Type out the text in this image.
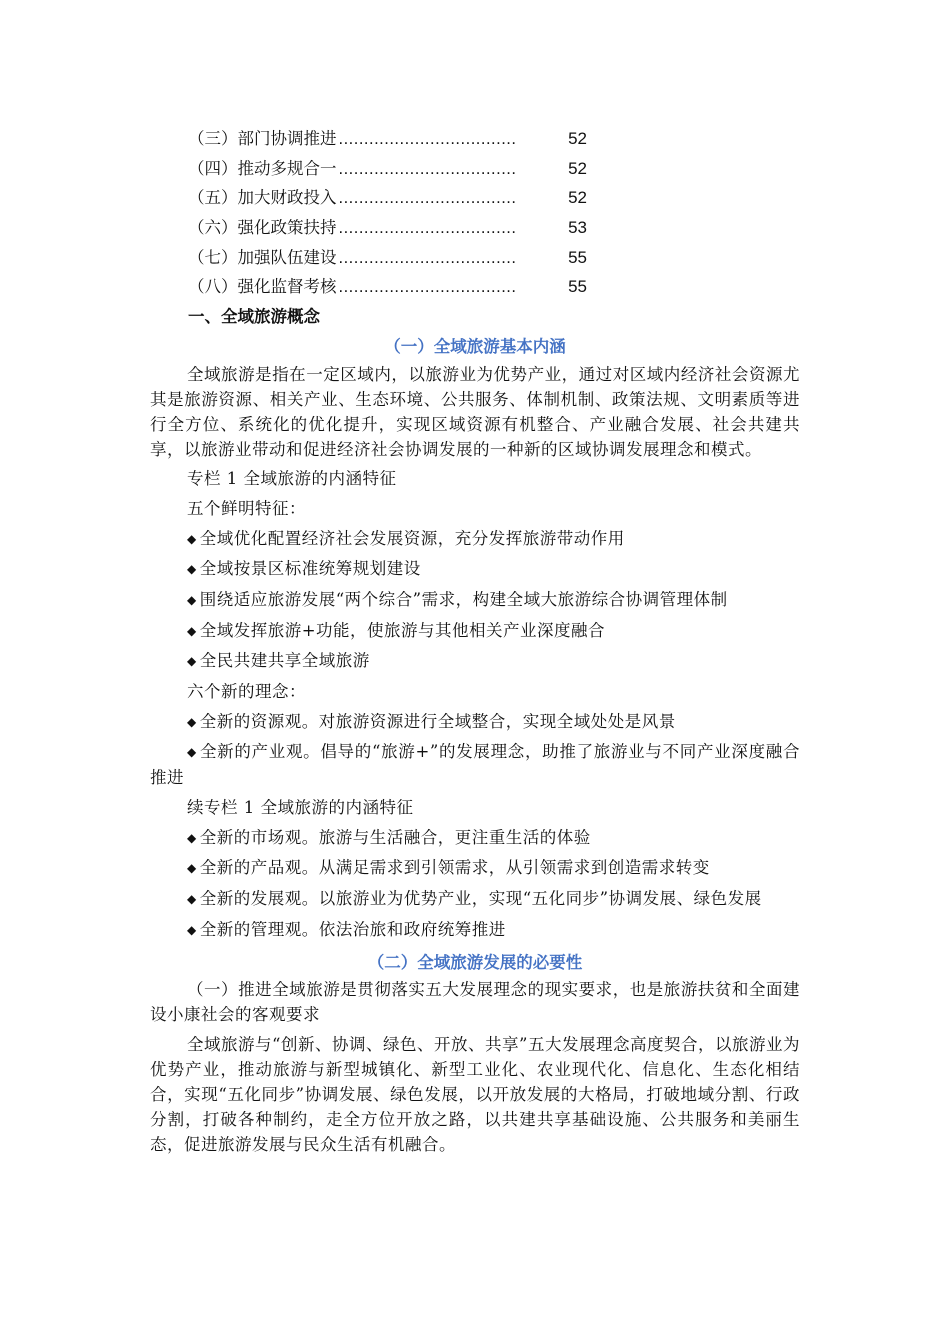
（三）部门协调推进 ...................................	52
（四）推动多规合一 ...................................	52
（五）加大财政投入 ...................................	52
（六）强化政策扶持 ...................................	53
（七）加强队伍建设 ...................................	55
（八）强化监督考核 ...................................	55
一、全域旅游概念
（一）全域旅游基本内涵
全域旅游是指在一定区域内，以旅游业为优势产业，通过对区域内经济社会资源尤其是旅游资源、相关产业、生态环境、公共服务、体制机制、政策法规、文明素质等进行全方位、系统化的优化提升，实现区域资源有机整合、产业融合发展、社会共建共享，以旅游业带动和促进经济社会协调发展的一种新的区域协调发展理念和模式。
专栏 1 全域旅游的内涵特征
五个鲜明特征：
◆ 全域优化配置经济社会发展资源，充分发挥旅游带动作用
◆ 全域按景区标准统筹规划建设
◆ 围绕适应旅游发展“两个综合”需求，构建全域大旅游综合协调管理体制
◆ 全域发挥旅游+功能，使旅游与其他相关产业深度融合
◆ 全民共建共享全域旅游
六个新的理念：
◆ 全新的资源观。对旅游资源进行全域整合，实现全域处处是风景
◆ 全新的产业观。倡导的“旅游+”的发展理念，助推了旅游业与不同产业深度融合推进
续专栏 1 全域旅游的内涵特征
◆ 全新的市场观。旅游与生活融合，更注重生活的体验
◆ 全新的产品观。从满足需求到引领需求，从引领需求到创造需求转变
◆ 全新的发展观。以旅游业为优势产业，实现“五化同步”协调发展、绿色发展
◆ 全新的管理观。依法治旅和政府统筹推进
（二）全域旅游发展的必要性
（一）推进全域旅游是贯彻落实五大发展理念的现实要求，也是旅游扶贫和全面建设小康社会的客观要求
全域旅游与“创新、协调、绿色、开放、共享”五大发展理念高度契合，以旅游业为优势产业，推动旅游与新型城镇化、新型工业化、农业现代化、信息化、生态化相结合，实现“五化同步”协调发展、绿色发展，以开放发展的大格局，打破地域分割、行政分割，打破各种制约，走全方位开放之路，以共建共享基础设施、公共服务和美丽生态，促进旅游发展与民众生活有机融合。
